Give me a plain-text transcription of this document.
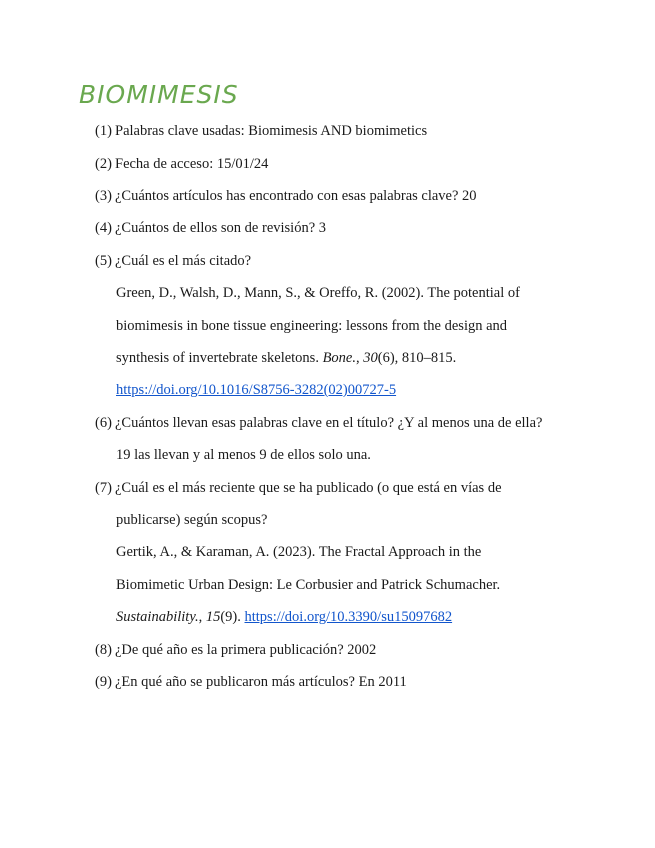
BIOMIMESIS
(1) Palabras clave usadas: Biomimesis AND biomimetics
(2) Fecha de acceso: 15/01/24
(3) ¿Cuántos artículos has encontrado con esas palabras clave? 20
(4) ¿Cuántos de ellos son de revisión? 3
(5) ¿Cuál es el más citado?
Green, D., Walsh, D., Mann, S., & Oreffo, R. (2002). The potential of
biomimesis in bone tissue engineering: lessons from the design and
synthesis of invertebrate skeletons. Bone., 30(6), 810–815.
https://doi.org/10.1016/S8756-3282(02)00727-5
(6) ¿Cuántos llevan esas palabras clave en el título? ¿Y al menos una de ella?
19 las llevan y al menos 9 de ellos solo una.
(7) ¿Cuál es el más reciente que se ha publicado (o que está en vías de
publicarse) según scopus?
Gertik, A., & Karaman, A. (2023). The Fractal Approach in the
Biomimetic Urban Design: Le Corbusier and Patrick Schumacher.
Sustainability., 15(9). https://doi.org/10.3390/su15097682
(8) ¿De qué año es la primera publicación? 2002
(9) ¿En qué año se publicaron más artículos? En 2011
